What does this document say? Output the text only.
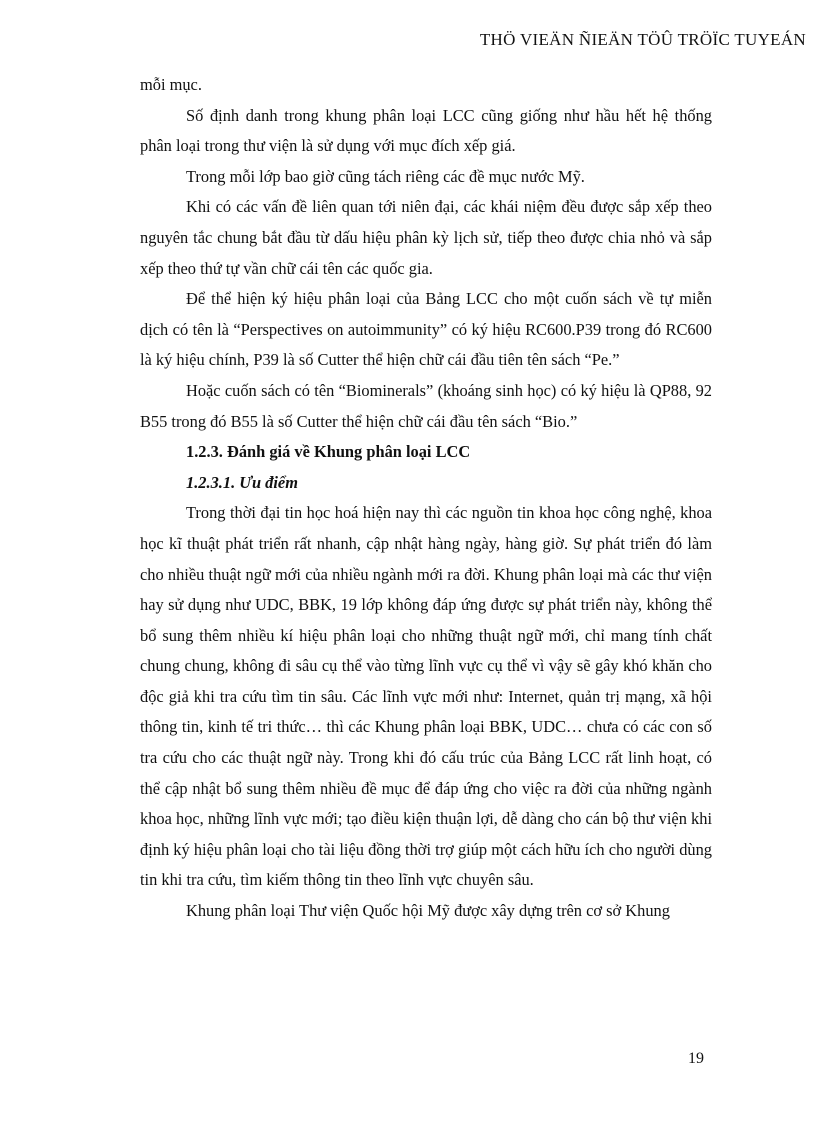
THÖ VIEÄN ÑIEÄN TÖÛ TRÖÏC TUYEÁN

mỗi mục.

Số định danh trong khung phân loại LCC cũng giống như hầu hết hệ thống phân loại trong thư viện là sử dụng với mục đích xếp giá.

Trong mỗi lớp bao giờ cũng tách riêng các đề mục nước Mỹ.

Khi có các vấn đề liên quan tới niên đại, các khái niệm đều được sắp xếp theo nguyên tắc chung bắt đầu từ dấu hiệu phân kỳ lịch sử, tiếp theo được chia nhỏ và sắp xếp theo thứ tự vần chữ cái tên các quốc gia.

Để thể hiện ký hiệu phân loại của Bảng LCC cho một cuốn sách về tự miễn dịch có tên là “Perspectives on autoimmunity” có ký hiệu RC600.P39 trong đó RC600 là ký hiệu chính, P39 là số Cutter thể hiện chữ cái đầu tiên tên sách “Pe.”

Hoặc cuốn sách có tên “Biominerals” (khoáng sinh học) có ký hiệu là QP88, 92 B55 trong đó B55 là số Cutter thể hiện chữ cái đầu tên sách “Bio.”

1.2.3. Đánh giá về Khung phân loại LCC

1.2.3.1. Ưu điểm

Trong thời đại tin học hoá hiện nay thì các nguồn tin khoa học công nghệ, khoa học kĩ thuật phát triển rất nhanh, cập nhật hàng ngày, hàng giờ. Sự phát triển đó làm cho nhiều thuật ngữ mới của nhiều ngành mới ra đời. Khung phân loại mà các thư viện hay sử dụng như UDC, BBK, 19 lớp không đáp ứng được sự phát triển này, không thể bổ sung thêm nhiều kí hiệu phân loại cho những thuật ngữ mới, chỉ mang tính chất chung chung, không đi sâu cụ thể vào từng lĩnh vực cụ thể vì vậy sẽ gây khó khăn cho độc giả khi tra cứu tìm tin sâu. Các lĩnh vực mới như: Internet, quản trị mạng, xã hội thông tin, kinh tế tri thức… thì các Khung phân loại BBK, UDC… chưa có các con số tra cứu cho các thuật ngữ này. Trong khi đó cấu trúc của Bảng LCC rất linh hoạt, có thể cập nhật bổ sung thêm nhiều đề mục để đáp ứng cho việc ra đời của những ngành khoa học, những lĩnh vực mới; tạo điều kiện thuận lợi, dễ dàng cho cán bộ thư viện khi định ký hiệu phân loại cho tài liệu đồng thời trợ giúp một cách hữu ích cho người dùng tin khi tra cứu, tìm kiếm thông tin theo lĩnh vực chuyên sâu.

Khung phân loại Thư viện Quốc hội Mỹ được xây dựng trên cơ sở Khung

19
